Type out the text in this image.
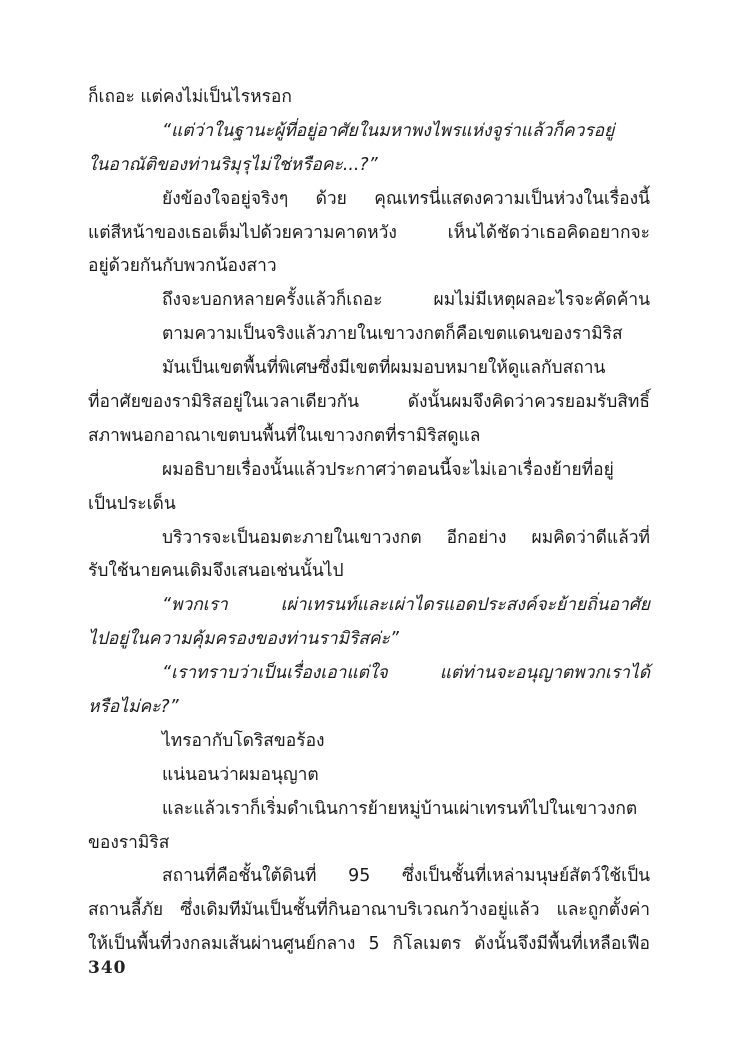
ก็เถอะ แต่คงไม่เป็นไรหรอก
“แต่ว่าในฐานะผู้ที่อยู่อาศัยในมหาพงไพรแห่งจูร่าแล้วก็ควรอยู่
ในอาณัติของท่านริมุรุไม่ใช่หรือคะ...?”
ยังข้องใจอยู่จริงๆ ด้วย คุณเทรนี่แสดงความเป็นห่วงในเรื่องนี้
แต่สีหน้าของเธอเต็มไปด้วยความคาดหวัง เห็นได้ชัดว่าเธอคิดอยากจะ
อยู่ด้วยกันกับพวกน้องสาว
ถึงจะบอกหลายครั้งแล้วก็เถอะ ผมไม่มีเหตุผลอะไรจะคัดค้าน
ตามความเป็นจริงแล้วภายในเขาวงกตก็คือเขตแดนของรามิริส
มันเป็นเขตพื้นที่พิเศษซึ่งมีเขตที่ผมมอบหมายให้ดูแลกับสถาน
ที่อาศัยของรามิริสอยู่ในเวลาเดียวกัน ดังนั้นผมจึงคิดว่าควรยอมรับสิทธิ์
สภาพนอกอาณาเขตบนพื้นที่ในเขาวงกตที่รามิริสดูแล
ผมอธิบายเรื่องนั้นแล้วประกาศว่าตอนนี้จะไม่เอาเรื่องย้ายที่อยู่
เป็นประเด็น
บริวารจะเป็นอมตะภายในเขาวงกต อีกอย่าง ผมคิดว่าดีแล้วที่
รับใช้นายคนเดิมจึงเสนอเช่นนั้นไป
“พวกเรา เผ่าเทรนท์และเผ่าไดรแอดประสงค์จะย้ายถิ่นอาศัย
ไปอยู่ในความคุ้มครองของท่านรามิริสค่ะ”
“เราทราบว่าเป็นเรื่องเอาแต่ใจ แต่ท่านจะอนุญาตพวกเราได้
หรือไม่คะ?”
ไทรอากับโดริสขอร้อง
แน่นอนว่าผมอนุญาต
และแล้วเราก็เริ่มดำเนินการย้ายหมู่บ้านเผ่าเทรนท์ไปในเขาวงกต
ของรามิริส
สถานที่คือชั้นใต้ดินที่ 95 ซึ่งเป็นชั้นที่เหล่ามนุษย์สัตว์ใช้เป็น
สถานลี้ภัย ซึ่งเดิมทีมันเป็นชั้นที่กินอาณาบริเวณกว้างอยู่แล้ว และถูกตั้งค่า
ให้เป็นพื้นที่วงกลมเส้นผ่านศูนย์กลาง 5 กิโลเมตร ดังนั้นจึงมีพื้นที่เหลือเฟือ
340
